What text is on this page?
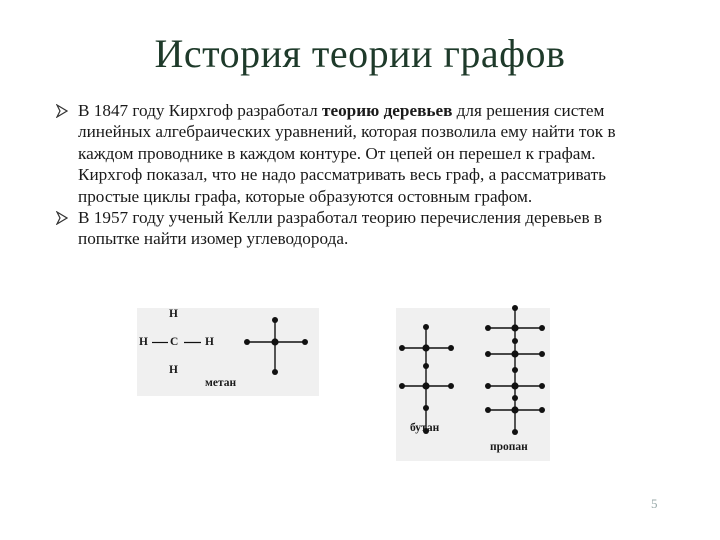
История теории графов

В 1847 году Кирхгоф разработал теорию деревьев для решения систем линейных алгебраических уравнений, которая позволила ему найти ток в каждом проводнике в каждом контуре. От цепей он перешел к графам. Кирхгоф показал, что не надо рассматривать весь граф, а рассматривать простые циклы графа, которые образуются остовным графом.

В 1957 году ученый Келли разработал теорию перечисления деревьев в попытке найти изомер углеводорода.

H
H C H
H
метан
бутан
пропан
5
